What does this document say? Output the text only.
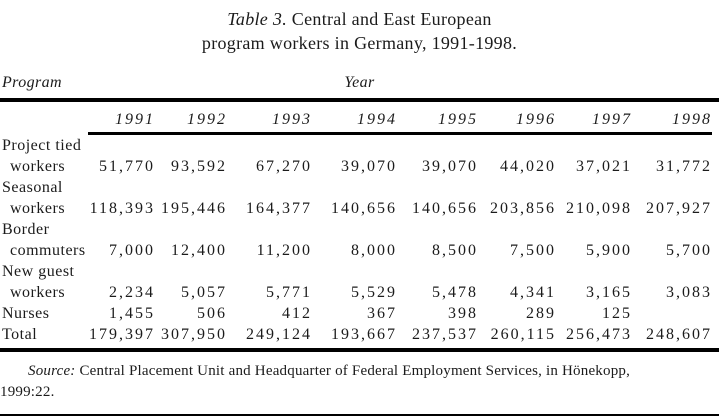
Table 3. Central and East European
program workers in Germany, 1991-1998.
Program	Year
	1991	1992	1993	1994	1995	1996	1997	1998

Project tied
workers	51,770	93,592	67,270	39,070	39,070	44,020	37,021	31,772

Seasonal
workers	118,393	195,446	164,377	140,656	140,656	203,856	210,098	207,927

Border
commuters	7,000	12,400	11,200	8,000	8,500	7,500	5,900	5,700

New guest
workers	2,234	5,057	5,771	5,529	5,478	4,341	3,165	3,083
Nurses	1,455	506	412	367	398	289	125	
Total	179,397	307,950	249,124	193,667	237,537	260,115	256,473	248,607

Source: Central Placement Unit and Headquarter of Federal Employment Services, in Hönekopp,

1999:22.
